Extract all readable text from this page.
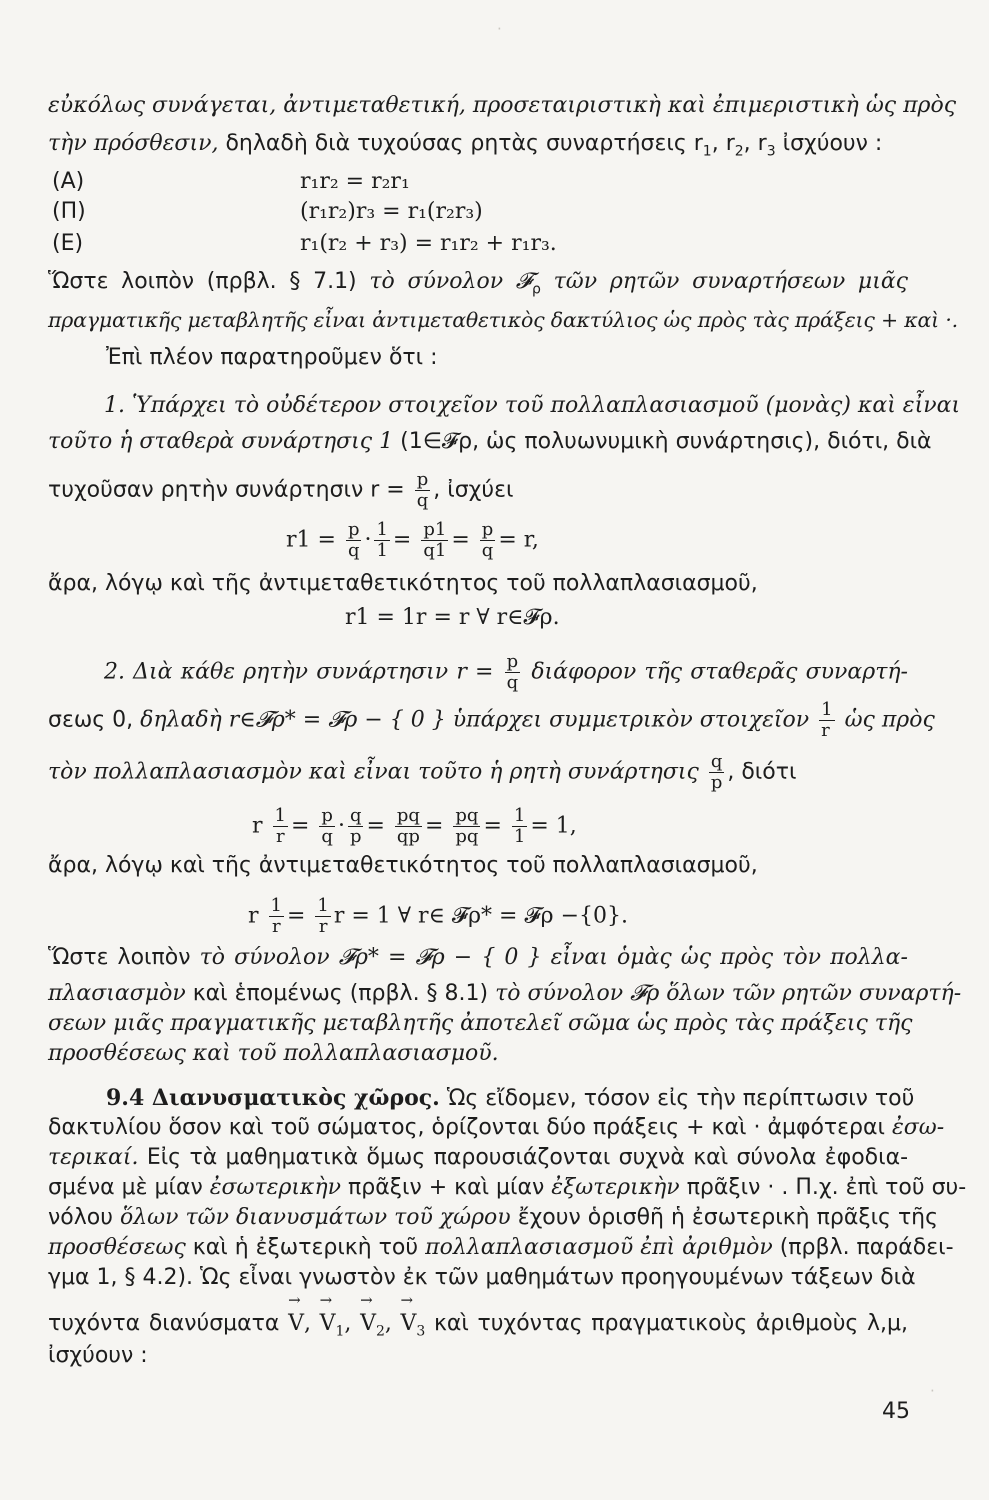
·
·
εὐκόλως συνάγεται, ἀντιμεταθετική, προσεταιριστικὴ καὶ ἐπιμεριστικὴ ὡς πρὸς
τὴν πρόσθεσιν, δηλαδὴ διὰ τυχούσας ρητὰς συναρτήσεις $r_1$, $r_2$, $r_3$ ἰσχύουν :
(A)	r₁r₂ = r₂r₁
(Π)	(r₁r₂)r₃ = r₁(r₂r₃)
(E)	r₁(r₂ + r₃) = r₁r₂ + r₁r₃.
Ὥστε λοιπὸν (πρβλ. § 7.1) τὸ σύνολον 𝓕$_\rho$ τῶν ρητῶν συναρτήσεων μιᾶς
πραγματικῆς μεταβλητῆς εἶναι ἀντιμεταθετικὸς δακτύλιος ὡς πρὸς τὰς πράξεις + καὶ ·.
Ἐπὶ πλέον παρατηροῦμεν ὅτι :
1. Ὑπάρχει τὸ οὐδέτερον στοιχεῖον τοῦ πολλαπλασιασμοῦ (μονὰς) καὶ εἶναι
τοῦτο ἡ σταθερὰ συνάρτησις 1 (1∈𝓕ρ, ὡς πολυωνυμικὴ συνάρτησις), διότι, διὰ
τυχοῦσαν ρητὴν συνάρτησιν $r = \frac{p}{q}$ , ἰσχύει
$r1 = \frac{p}{q} \cdot \frac{1}{1} = \frac{p1}{q1} = \frac{p}{q} = r$,
ἄρα, λόγῳ καὶ τῆς ἀντιμεταθετικότητος τοῦ πολλαπλασιασμοῦ,
r1 = 1r = r ∀ r∈𝓕ρ.
2. Διὰ κάθε ρητὴν συνάρτησιν $r = \frac{p}{q}$ διάφορον τῆς σταθερᾶς συναρτή-
σεως 0, δηλαδὴ r∈𝓕ρ* = 𝓕ρ − { 0 } ὑπάρχει συμμετρικὸν στοιχεῖον $\frac{1}{r}$ ὡς πρὸς
τὸν πολλαπλασιασμὸν καὶ εἶναι τοῦτο ἡ ρητὴ συνάρτησις $\frac{q}{p}$ , διότι
r $\frac{1}{r} = \frac{p}{q} \cdot \frac{q}{p} = \frac{pq}{qp} = \frac{pq}{pq} = \frac{1}{1} = 1$,
ἄρα, λόγῳ καὶ τῆς ἀντιμεταθετικότητος τοῦ πολλαπλασιασμοῦ,
r $\frac{1}{r} = \frac{1}{r}$ r = 1 ∀ r∈ 𝓕ρ* = 𝓕ρ −{0}.
Ὥστε λοιπὸν τὸ σύνολον 𝓕ρ* = 𝓕ρ − { 0 } εἶναι ὁμὰς ὡς πρὸς τὸν πολλα-
πλασιασμὸν καὶ ἑπομένως (πρβλ. § 8.1) τὸ σύνολον 𝓕ρ ὅλων τῶν ρητῶν συναρτή-
σεων μιᾶς πραγματικῆς μεταβλητῆς ἀποτελεῖ σῶμα ὡς πρὸς τὰς πράξεις τῆς
προσθέσεως καὶ τοῦ πολλαπλασιασμοῦ.
9.4 Διανυσματικὸς χῶρος. Ὡς εἴδομεν, τόσον εἰς τὴν περίπτωσιν τοῦ
δακτυλίου ὅσον καὶ τοῦ σώματος, ὁρίζονται δύο πράξεις + καὶ · ἀμφότεραι ἐσω-
τερικαί. Εἰς τὰ μαθηματικὰ ὅμως παρουσιάζονται συχνὰ καὶ σύνολα ἐφοδια-
σμένα μὲ μίαν ἐσωτερικὴν πρᾶξιν + καὶ μίαν ἐξωτερικὴν πρᾶξιν · . Π.χ. ἐπὶ τοῦ συ-
νόλου ὅλων τῶν διανυσμάτων τοῦ χώρου ἔχουν ὁρισθῆ ἡ ἐσωτερικὴ πρᾶξις τῆς
προσθέσεως καὶ ἡ ἐξωτερικὴ τοῦ πολλαπλασιασμοῦ ἐπὶ ἀριθμὸν (πρβλ. παράδει-
γμα 1, § 4.2). Ὡς εἶναι γνωστὸν ἐκ τῶν μαθημάτων προηγουμένων τάξεων διὰ
τυχόντα διανύσματα → V, → $V_1$, → $V_2$, → $V_3$ καὶ τυχόντας πραγματικοὺς ἀριθμοὺς λ,μ,
ἰσχύουν :
45
